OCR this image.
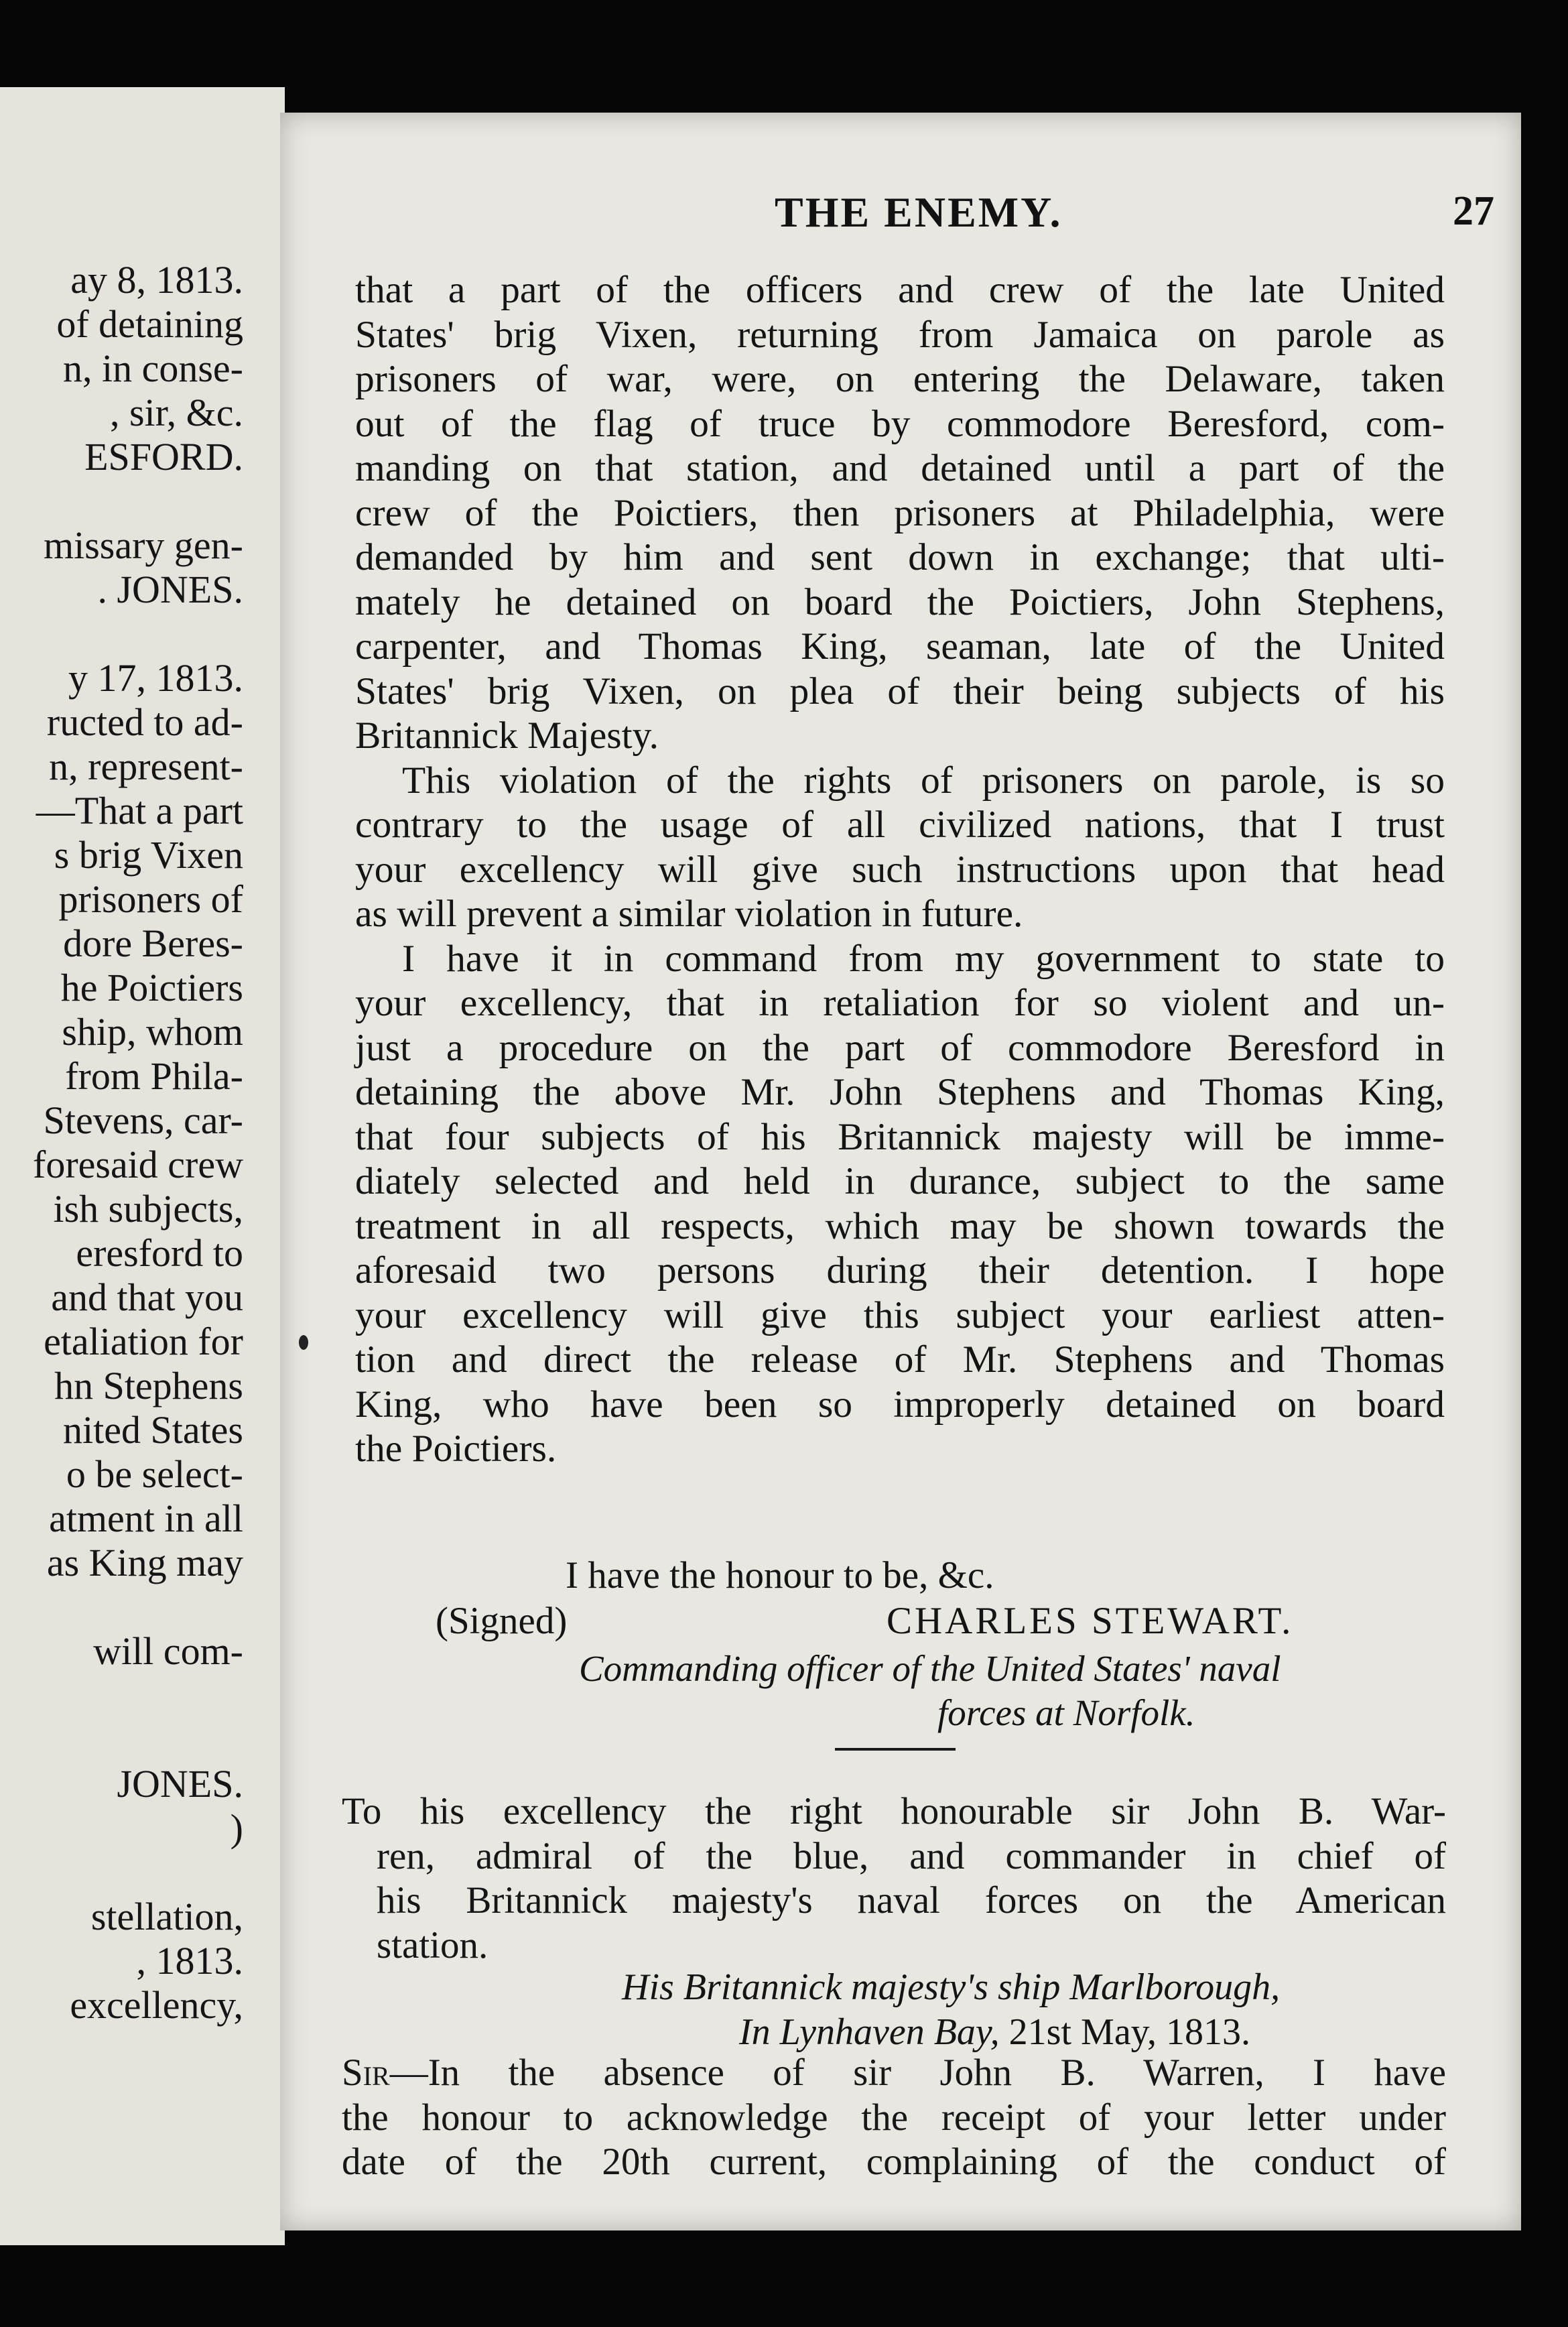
ay 8, 1813.
of detaining
n, in conse-
, sir, &c.
ESFORD.
missary gen-
. JONES.
y 17, 1813.
ructed to ad-
n, represent-
—That a part
s brig Vixen
prisoners of
dore Beres-
he Poictiers
ship, whom
from Phila-
Stevens, car-
foresaid crew
ish subjects,
eresford to
and that you
etaliation for
hn Stephens
nited States
o be select-
atment in all
as King may
will com-
JONES.
)
stellation,
, 1813.
excellency,
THE ENEMY.	27
that a part of the officers and crew of the late United
States' brig Vixen, returning from Jamaica on parole as
prisoners of war, were, on entering the Delaware, taken
out of the flag of truce by commodore Beresford, com-
manding on that station, and detained until a part of the
crew of the Poictiers, then prisoners at Philadelphia, were
demanded by him and sent down in exchange; that ulti-
mately he detained on board the Poictiers, John Stephens,
carpenter, and Thomas King, seaman, late of the United
States' brig Vixen, on plea of their being subjects of his
Britannick Majesty.
This violation of the rights of prisoners on parole, is so
contrary to the usage of all civilized nations, that I trust
your excellency will give such instructions upon that head
as will prevent a similar violation in future.
I have it in command from my government to state to
your excellency, that in retaliation for so violent and un-
just a procedure on the part of commodore Beresford in
detaining the above Mr. John Stephens and Thomas King,
that four subjects of his Britannick majesty will be imme-
diately selected and held in durance, subject to the same
treatment in all respects, which may be shown towards the
aforesaid two persons during their detention. I hope
your excellency will give this subject your earliest atten-
tion and direct the release of Mr. Stephens and Thomas
King, who have been so improperly detained on board
the Poictiers.
I have the honour to be, &c.
(Signed)	CHARLES STEWART.
Commanding officer of the United States' naval
forces at Norfolk.
To his excellency the right honourable sir John B. War-
ren, admiral of the blue, and commander in chief of
his Britannick majesty's naval forces on the American
station.
His Britannick majesty's ship Marlborough,
In Lynhaven Bay, 21st May, 1813.
Sir—In the absence of sir John B. Warren, I have
the honour to acknowledge the receipt of your letter under
date of the 20th current, complaining of the conduct of
